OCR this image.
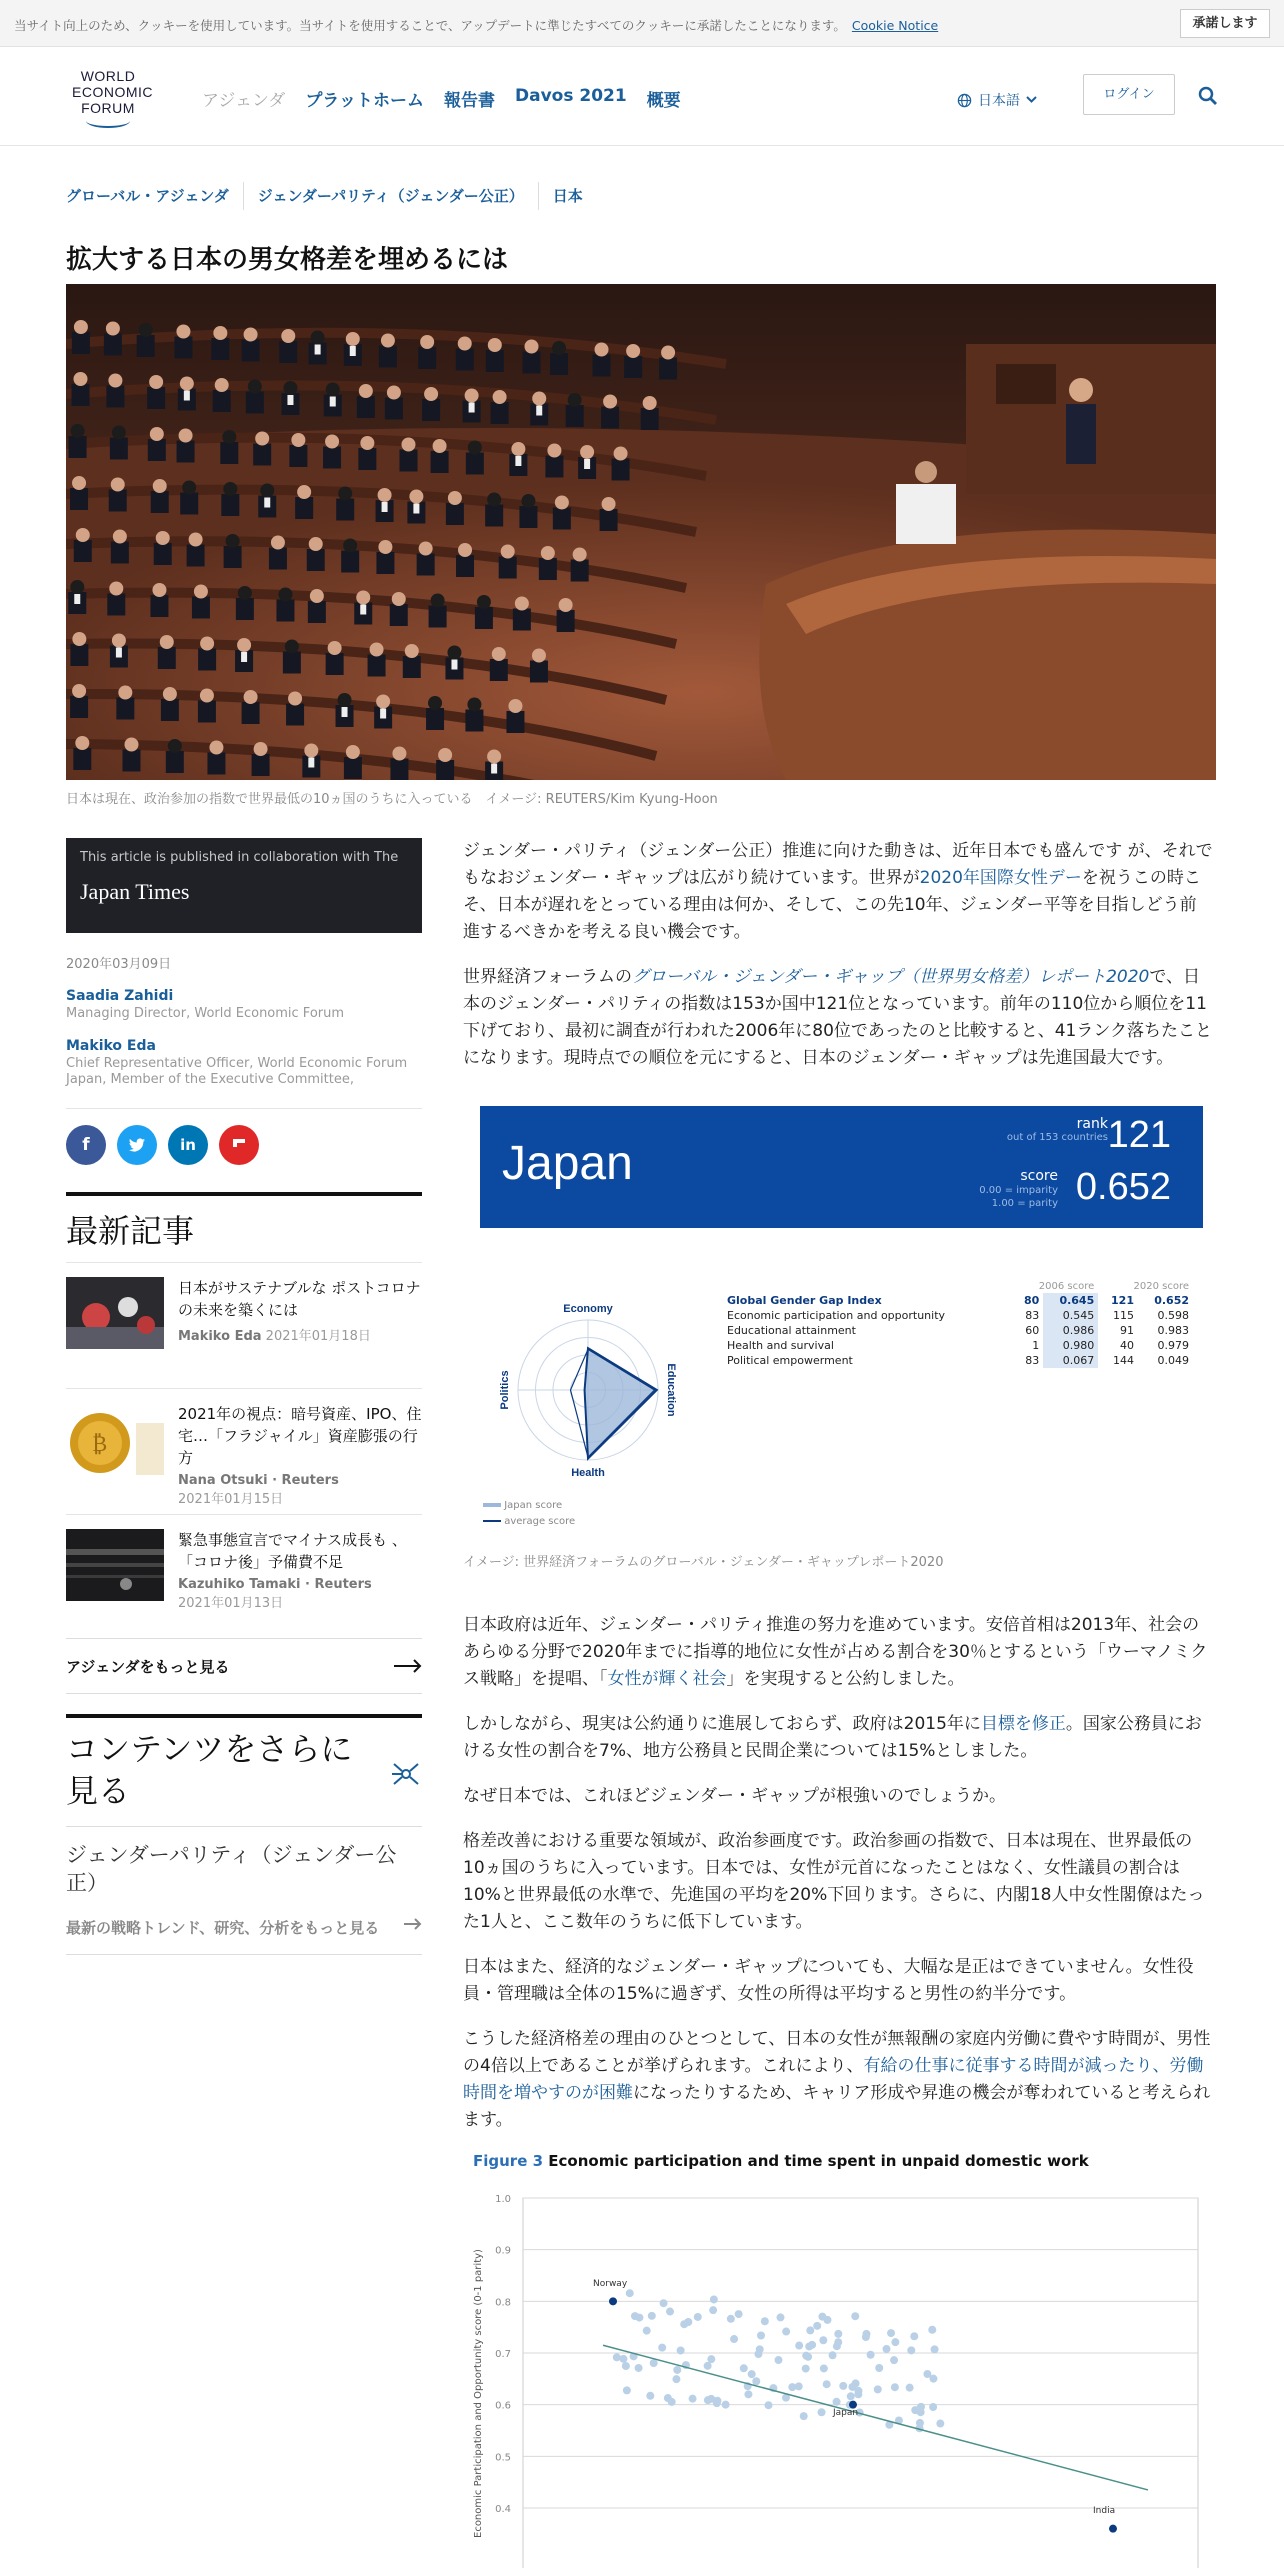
当サイト向上のため、クッキーを使用しています。当サイトを使用することで、アップデートに準じたすべてのクッキーに承諾したことになります。 Cookie Notice	承諾します
WORLD
ECONOMIC
FORUM	アジェンダ プラットホーム 報告書 Davos 2021 概要	日本語	ログイン
グローバル・アジェンダ	ジェンダーパリティ（ジェンダー公正）	日本
拡大する日本の男女格差を埋めるには
日本は現在、政治参加の指数で世界最低の10ヵ国のうちに入っている　イメージ: REUTERS/Kim Kyung-Hoon
This article is published in collaboration with The
Japan Times
2020年03月09日
Saadia Zahidi
Managing Director, World Economic Forum
Makiko Eda
Chief Representative Officer, World Economic Forum Japan, Member of the Executive Committee,
f	in
最新記事
日本がサステナブルな ポストコロナの未来を築くには
Makiko Eda 2021年01月18日
₿
2021年の視点：暗号資産、IPO、住宅…「フラジャイル」資産膨張の行方
Nana Otsuki · Reuters
2021年01月15日
緊急事態宣言でマイナス成長も 、「コロナ後」予備費不足
Kazuhiko Tamaki · Reuters
2021年01月13日
アジェンダをもっと見る
コンテンツをさらに見る
ジェンダーパリティ（ジェンダー公正）
最新の戦略トレンド、研究、分析をもっと見る

ジェンダー・パリティ（ジェンダー公正）推進に向けた動きは、近年日本でも盛んです が、それでもなおジェンダー・ギャップは広がり続けています。世界が2020年国際女性デーを祝うこの時こそ、日本が遅れをとっている理由は何か、そして、この先10年、ジェンダー平等を目指しどう前進するべきかを考える良い機会です。

世界経済フォーラムのグローバル・ジェンダー・ギャップ（世界男女格差）レポート2020で、日本のジェンダー・パリティの指数は153か国中121位となっています。前年の110位から順位を11下げており、最初に調査が行われた2006年に80位であったのと比較すると、41ランク落ちたことになります。現時点での順位を元にすると、日本のジェンダー・ギャップは先進国最大です。

Japan
rank
out of 153 countries 121
score
0.00 = imparity
1.00 = parity 0.652
Economy
Education
Health
Politics
	2006 score		2020 score	
Global Gender Gap Index	80	0.645	121	0.652
Economic participation and opportunity	83	0.545	115	0.598
Educational attainment	60	0.986	91	0.983
Health and survival	1	0.980	40	0.979
Political empowerment	83	0.067	144	0.049
Japan score
average score
イメージ: 世界経済フォーラムのグローバル・ジェンダー・ギャップレポート2020

日本政府は近年、ジェンダー・パリティ推進の努力を進めています。安倍首相は2013年、社会のあらゆる分野で2020年までに指導的地位に女性が占める割合を30％とするという「ウーマノミクス戦略」を提唱、「女性が輝く社会」を実現すると公約しました。

しかしながら、現実は公約通りに進展しておらず、政府は2015年に目標を修正。国家公務員における女性の割合を7%、地方公務員と民間企業については15%としました。

なぜ日本では、これほどジェンダー・ギャップが根強いのでしょうか。

格差改善における重要な領域が、政治参画度です。政治参画の指数で、日本は現在、世界最低の10ヵ国のうちに入っています。日本では、女性が元首になったことはなく、女性議員の割合は10%と世界最低の水準で、先進国の平均を20%下回ります。さらに、内閣18人中女性閣僚はたった1人と、ここ数年のうちに低下しています。

日本はまた、経済的なジェンダー・ギャップについても、大幅な是正はできていません。女性役員・管理職は全体の15%に過ぎず、女性の所得は平均すると男性の約半分です。

こうした経済格差の理由のひとつとして、日本の女性が無報酬の家庭内労働に費やす時間が、男性の4倍以上であることが挙げられます。これにより、有給の仕事に従事する時間が減ったり、労働時間を増やすのが困難になったりするため、キャリア形成や昇進の機会が奪われていると考えられます。

Figure 3 Economic participation and time spent in unpaid domestic work
1.0
0.9
0.8
0.7
0.6
0.5
0.4
Economic Participation and Opportunity score (0-1 parity)	Norway
Japan
India
